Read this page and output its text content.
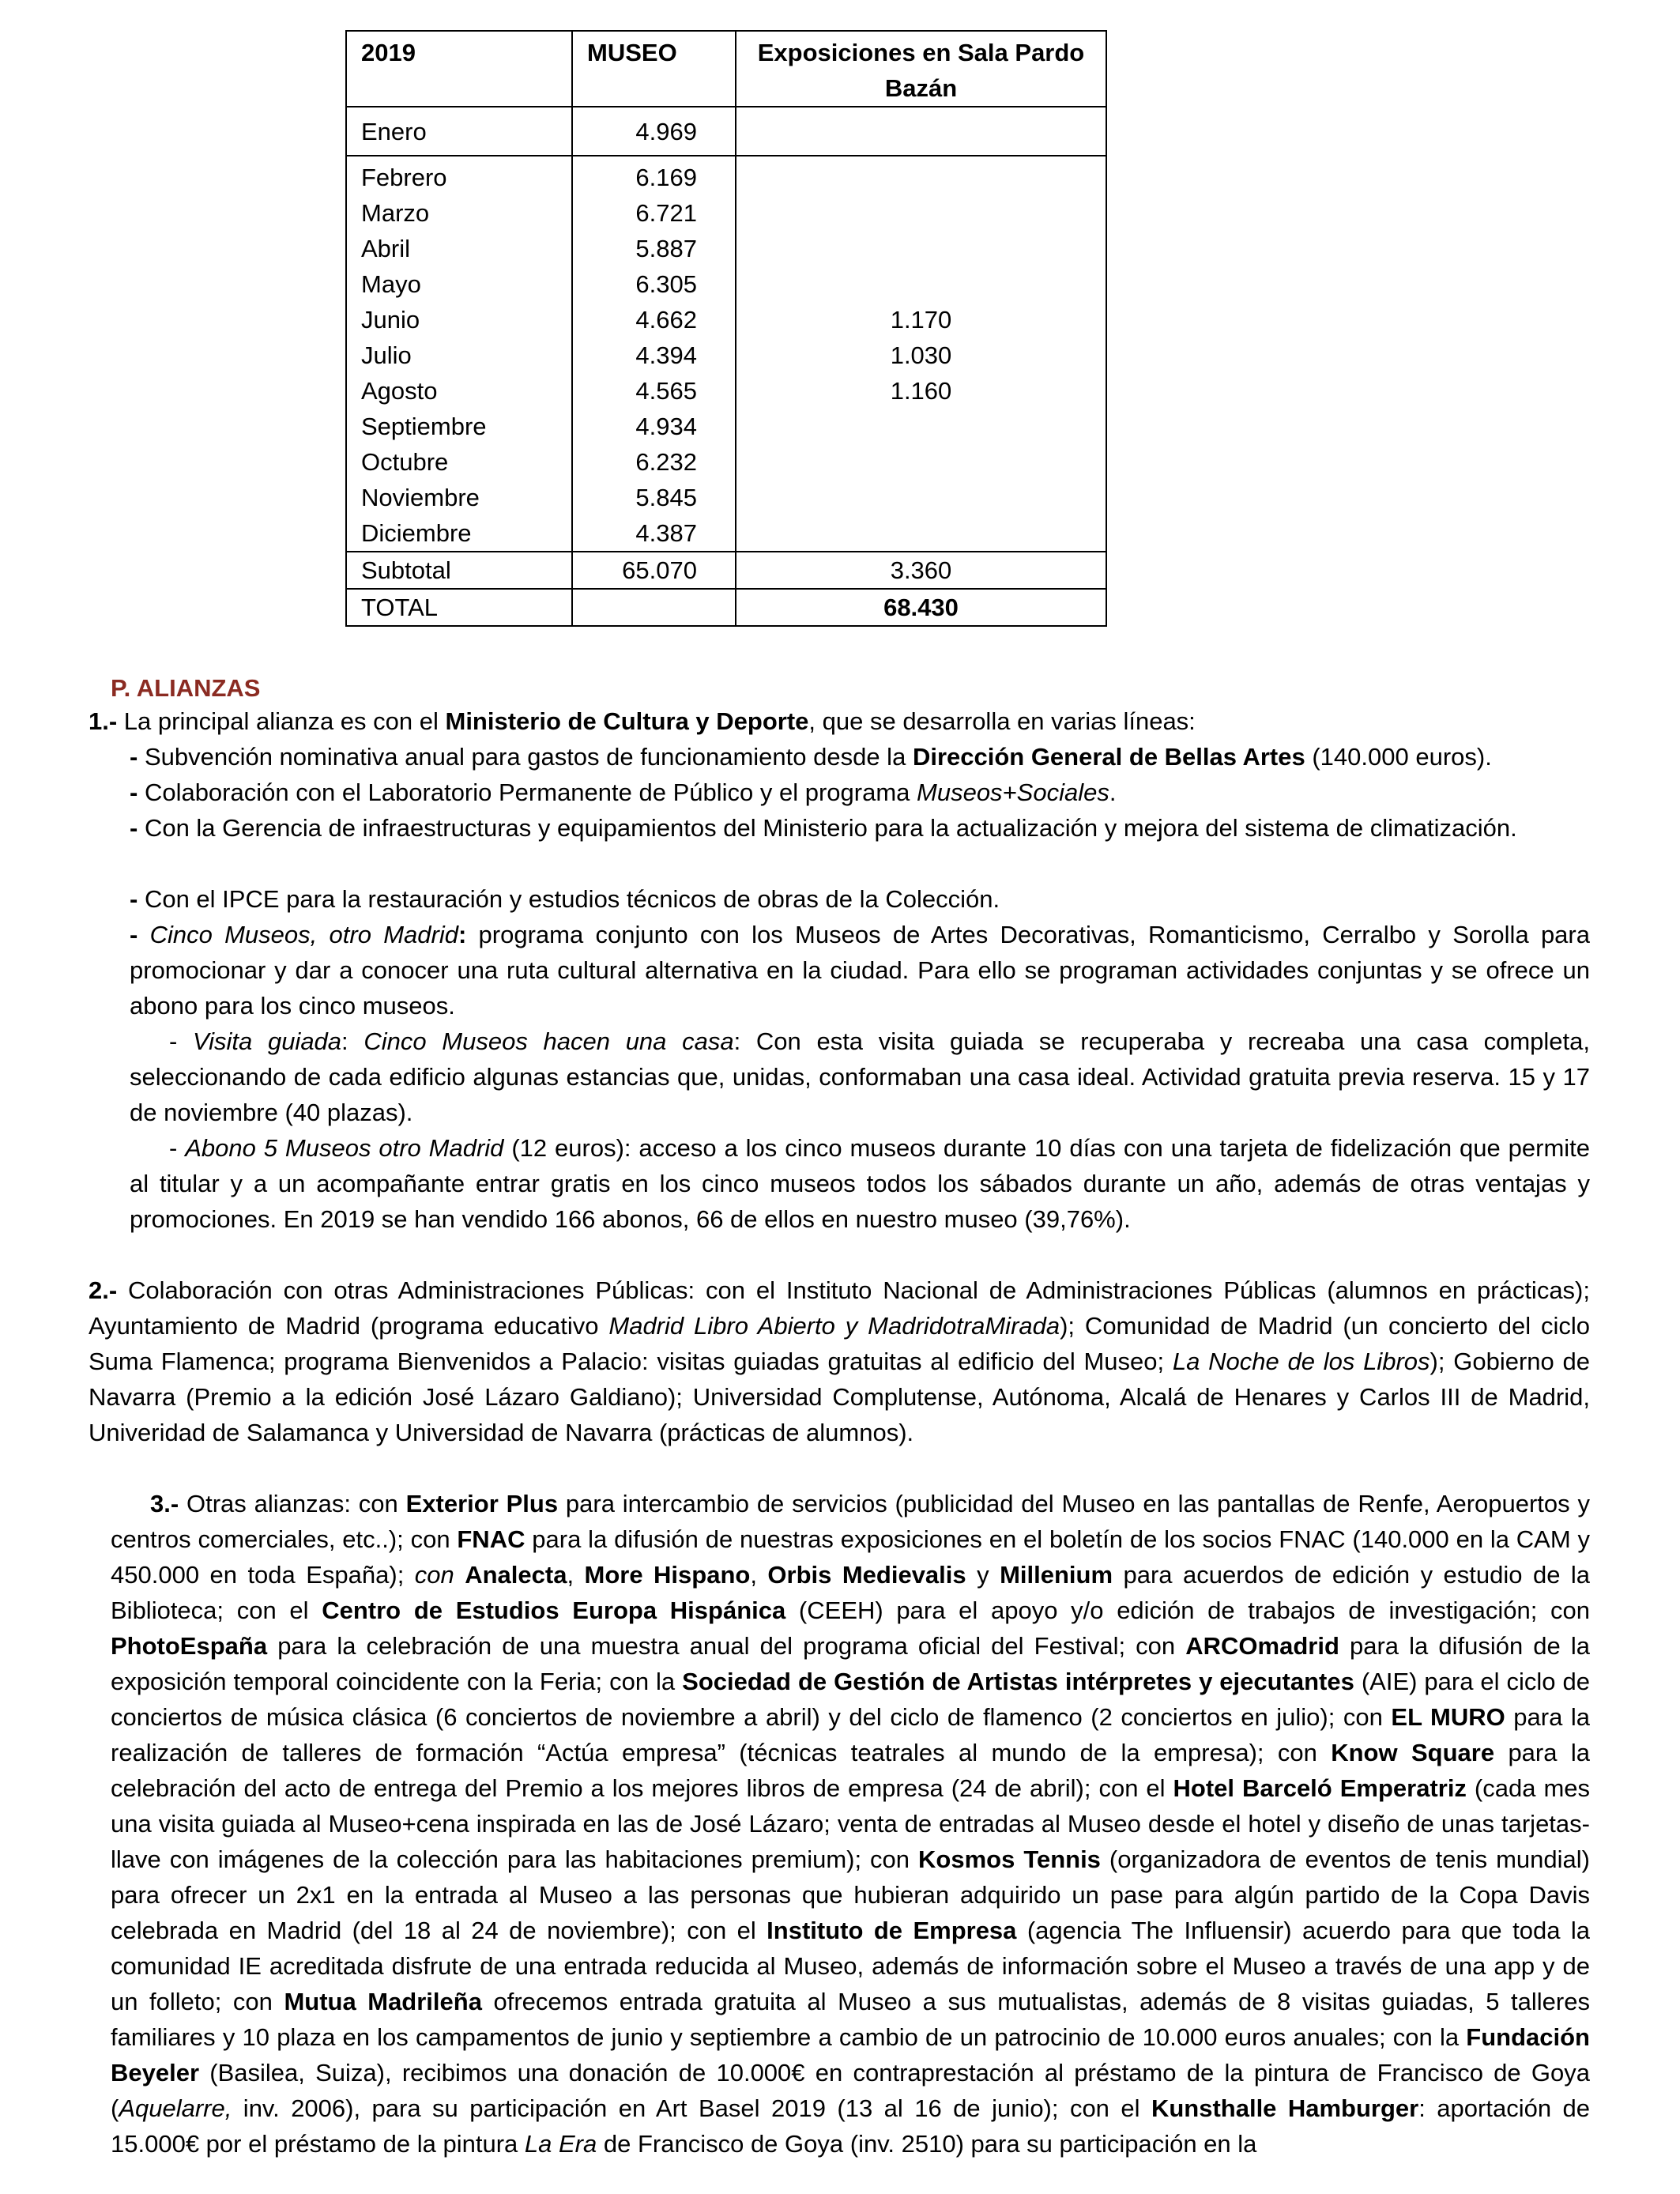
2019	MUSEO	Exposiciones en Sala Pardo Bazán
Enero	4.969	
Febrero	6.169	
Marzo	6.721	
Abril	5.887	
Mayo	6.305	
Junio	4.662	1.170
Julio	4.394	1.030
Agosto	4.565	1.160
Septiembre	4.934	
Octubre	6.232	
Noviembre	5.845	
Diciembre	4.387	
Subtotal	65.070	3.360
TOTAL		68.430
P. ALIANZAS

1.- La principal alianza es con el Ministerio de Cultura y Deporte, que se desarrolla en varias líneas:

- Subvención nominativa anual para gastos de funcionamiento desde la Dirección General de Bellas Artes (140.000 euros).

- Colaboración con el Laboratorio Permanente de Público y el programa Museos+Sociales.

- Con la Gerencia de infraestructuras y equipamientos del Ministerio para la actualización y mejora del sistema de climatización.

- Con el IPCE para la restauración y estudios técnicos de obras de la Colección.

- Cinco Museos, otro Madrid: programa conjunto con los Museos de Artes Decorativas, Romanticismo, Cerralbo y Sorolla para promocionar y dar a conocer una ruta cultural alternativa en la ciudad. Para ello se programan actividades conjuntas y se ofrece un abono para los cinco museos.

- Visita guiada: Cinco Museos hacen una casa: Con esta visita guiada se recuperaba y recreaba una casa completa, seleccionando de cada edificio algunas estancias que, unidas, conformaban una casa ideal. Actividad gratuita previa reserva. 15 y 17 de noviembre (40 plazas).

- Abono 5 Museos otro Madrid (12 euros): acceso a los cinco museos durante 10 días con una tarjeta de fidelización que permite al titular y a un acompañante entrar gratis en los cinco museos todos los sábados durante un año, además de otras ventajas y promociones. En 2019 se han vendido 166 abonos, 66 de ellos en nuestro museo (39,76%).

2.- Colaboración con otras Administraciones Públicas: con el Instituto Nacional de Administraciones Públicas (alumnos en prácticas); Ayuntamiento de Madrid (programa educativo Madrid Libro Abierto y MadridotraMirada); Comunidad de Madrid (un concierto del ciclo Suma Flamenca; programa Bienvenidos a Palacio: visitas guiadas gratuitas al edificio del Museo; La Noche de los Libros); Gobierno de Navarra (Premio a la edición José Lázaro Galdiano); Universidad Complutense, Autónoma, Alcalá de Henares y Carlos III de Madrid, Univeridad de Salamanca y Universidad de Navarra (prácticas de alumnos).

3.- Otras alianzas: con Exterior Plus para intercambio de servicios (publicidad del Museo en las pantallas de Renfe, Aeropuertos y centros comerciales, etc..); con FNAC para la difusión de nuestras exposiciones en el boletín de los socios FNAC (140.000 en la CAM y 450.000 en toda España); con Analecta, More Hispano, Orbis Medievalis y Millenium para acuerdos de edición y estudio de la Biblioteca; con el Centro de Estudios Europa Hispánica (CEEH) para el apoyo y/o edición de trabajos de investigación; con PhotoEspaña para la celebración de una muestra anual del programa oficial del Festival; con ARCOmadrid para la difusión de la exposición temporal coincidente con la Feria; con la Sociedad de Gestión de Artistas intérpretes y ejecutantes (AIE) para el ciclo de conciertos de música clásica (6 conciertos de noviembre a abril) y del ciclo de flamenco (2 conciertos en julio); con EL MURO para la realización de talleres de formación “Actúa empresa” (técnicas teatrales al mundo de la empresa); con Know Square para la celebración del acto de entrega del Premio a los mejores libros de empresa (24 de abril); con el Hotel Barceló Emperatriz (cada mes una visita guiada al Museo+cena inspirada en las de José Lázaro; venta de entradas al Museo desde el hotel y diseño de unas tarjetas-llave con imágenes de la colección para las habitaciones premium); con Kosmos Tennis (organizadora de eventos de tenis mundial) para ofrecer un 2x1 en la entrada al Museo a las personas que hubieran adquirido un pase para algún partido de la Copa Davis celebrada en Madrid (del 18 al 24 de noviembre); con el Instituto de Empresa (agencia The Influensir) acuerdo para que toda la comunidad IE acreditada disfrute de una entrada reducida al Museo, además de información sobre el Museo a través de una app y de un folleto; con Mutua Madrileña ofrecemos entrada gratuita al Museo a sus mutualistas, además de 8 visitas guiadas, 5 talleres familiares y 10 plaza en los campamentos de junio y septiembre a cambio de un patrocinio de 10.000 euros anuales; con la Fundación Beyeler (Basilea, Suiza), recibimos una donación de 10.000€ en contraprestación al préstamo de la pintura de Francisco de Goya (Aquelarre, inv. 2006), para su participación en Art Basel 2019 (13 al 16 de junio); con el Kunsthalle Hamburger: aportación de 15.000€ por el préstamo de la pintura La Era de Francisco de Goya (inv. 2510) para su participación en la
